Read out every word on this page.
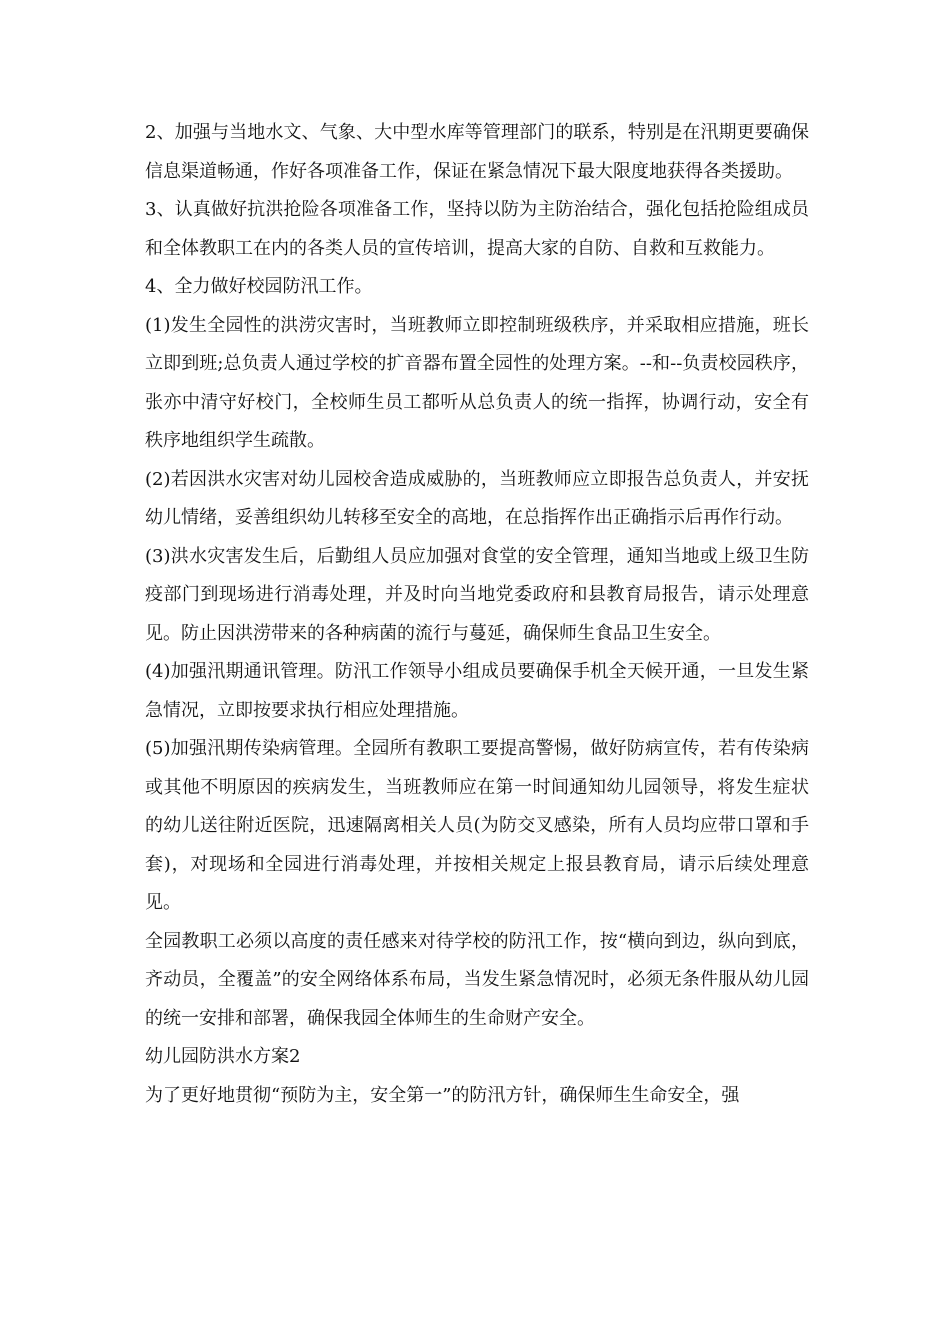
2、加强与当地水文、气象、大中型水库等管理部门的联系，特别是在汛期更要确保信息渠道畅通，作好各项准备工作，保证在紧急情况下最大限度地获得各类援助。

3、认真做好抗洪抢险各项准备工作，坚持以防为主防治结合，强化包括抢险组成员和全体教职工在内的各类人员的宣传培训，提高大家的自防、自救和互救能力。

4、全力做好校园防汛工作。

(1)发生全园性的洪涝灾害时，当班教师立即控制班级秩序，并采取相应措施，班长立即到班;总负责人通过学校的扩音器布置全园性的处理方案。--和--负责校园秩序，张亦中清守好校门，全校师生员工都听从总负责人的统一指挥，协调行动，安全有秩序地组织学生疏散。

(2)若因洪水灾害对幼儿园校舍造成威胁的，当班教师应立即报告总负责人，并安抚幼儿情绪，妥善组织幼儿转移至安全的高地，在总指挥作出正确指示后再作行动。

(3)洪水灾害发生后，后勤组人员应加强对食堂的安全管理，通知当地或上级卫生防疫部门到现场进行消毒处理，并及时向当地党委政府和县教育局报告，请示处理意见。防止因洪涝带来的各种病菌的流行与蔓延，确保师生食品卫生安全。

(4)加强汛期通讯管理。防汛工作领导小组成员要确保手机全天候开通，一旦发生紧急情况，立即按要求执行相应处理措施。

(5)加强汛期传染病管理。全园所有教职工要提高警惕，做好防病宣传，若有传染病或其他不明原因的疾病发生，当班教师应在第一时间通知幼儿园领导，将发生症状的幼儿送往附近医院，迅速隔离相关人员(为防交叉感染，所有人员均应带口罩和手套)，对现场和全园进行消毒处理，并按相关规定上报县教育局，请示后续处理意见。

全园教职工必须以高度的责任感来对待学校的防汛工作，按“横向到边，纵向到底，齐动员，全覆盖”的安全网络体系布局，当发生紧急情况时，必须无条件服从幼儿园的统一安排和部署，确保我园全体师生的生命财产安全。

幼儿园防洪水方案2

为了更好地贯彻“预防为主，安全第一”的防汛方针，确保师生生命安全，强
